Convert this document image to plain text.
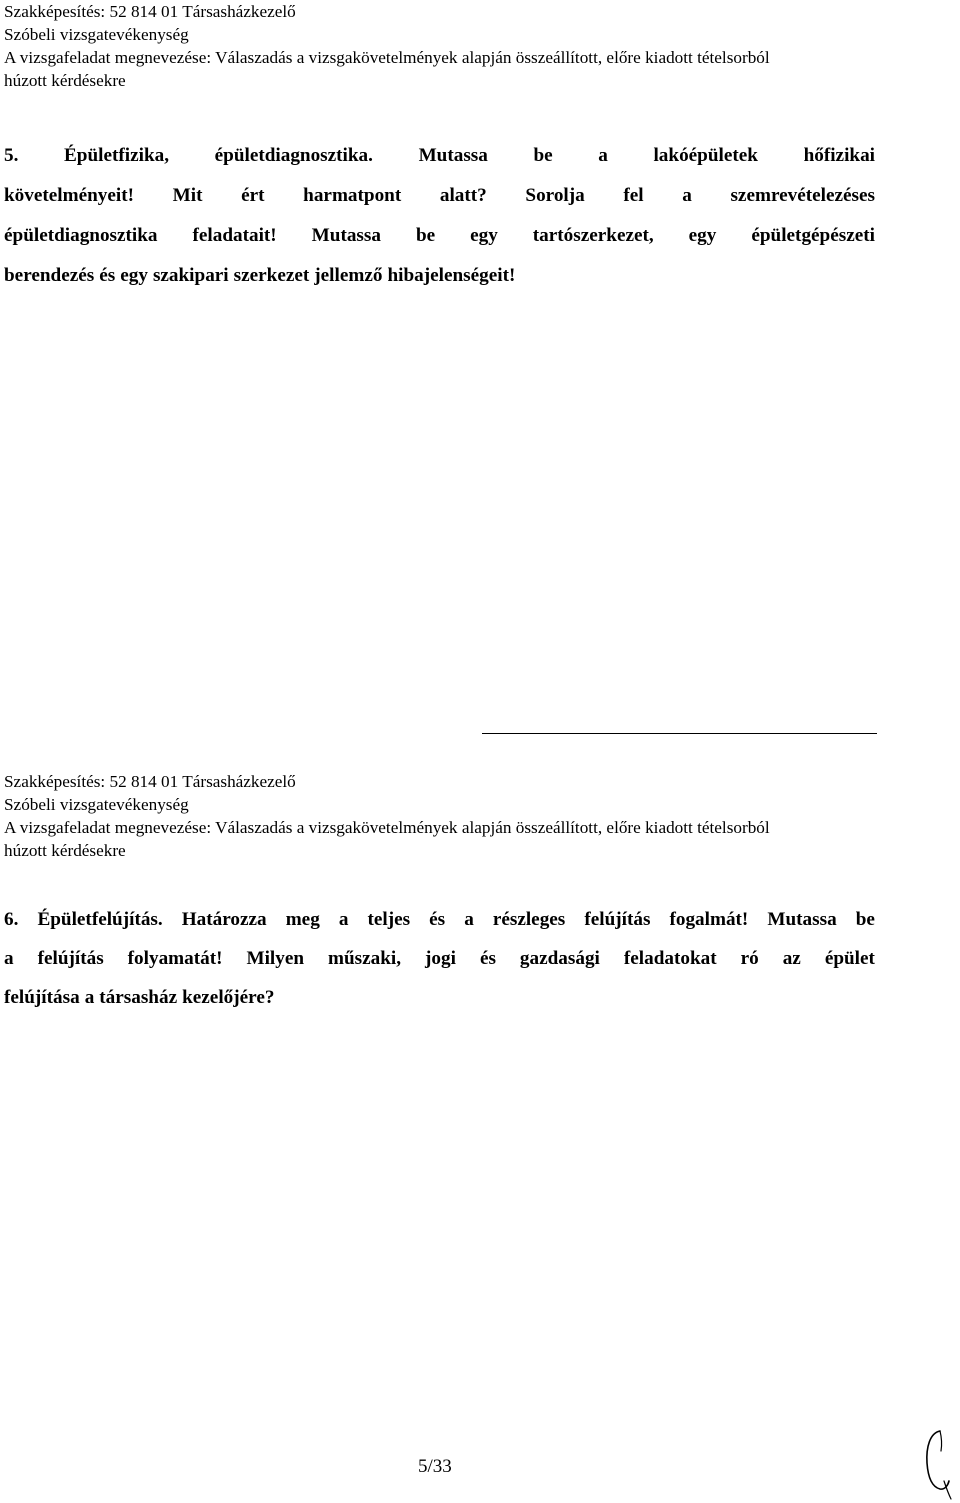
Szakképesítés: 52 814 01 Társasházkezelő
Szóbeli vizsgatevékenység
A vizsgafeladat megnevezése: Válaszadás a vizsgakövetelmények alapján összeállított, előre kiadott tételsorból
húzott kérdésekre
5. Épületfizika, épületdiagnosztika. Mutassa be a lakóépületek hőfizikai
követelményeit! Mit ért harmatpont alatt? Sorolja fel a szemrevételezéses
épületdiagnosztika feladatait! Mutassa be egy tartószerkezet, egy épületgépészeti
berendezés és egy szakipari szerkezet jellemző hibajelenségeit!
Szakképesítés: 52 814 01 Társasházkezelő
Szóbeli vizsgatevékenység
A vizsgafeladat megnevezése: Válaszadás a vizsgakövetelmények alapján összeállított, előre kiadott tételsorból
húzott kérdésekre
6. Épületfelújítás. Határozza meg a teljes és a részleges felújítás fogalmát! Mutassa be
a felújítás folyamatát! Milyen műszaki, jogi és gazdasági feladatokat ró az épület
felújítása a társasház kezelőjére?
5/33
